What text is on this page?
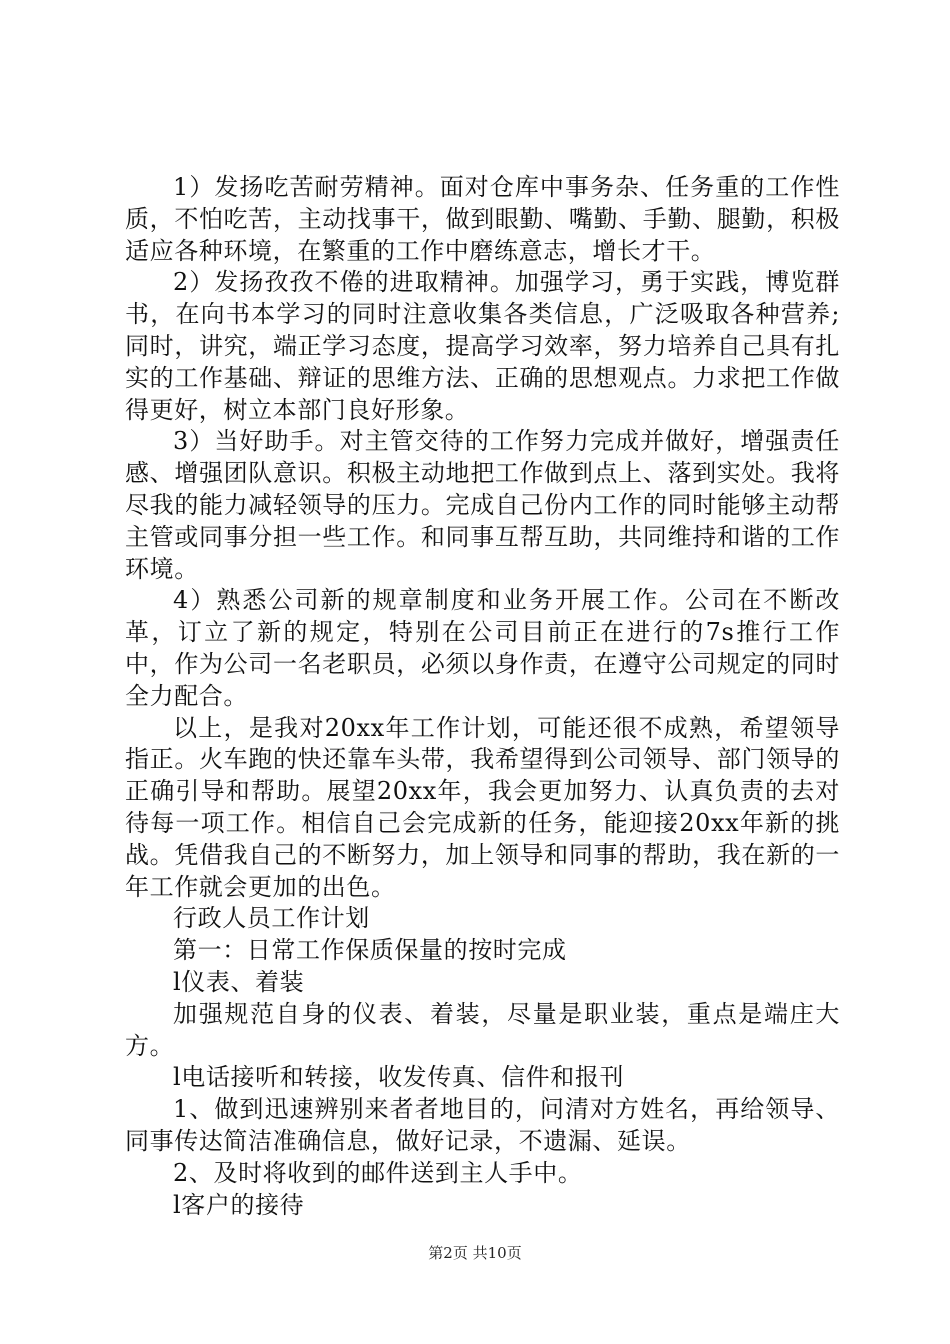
1）发扬吃苦耐劳精神。面对仓库中事务杂、任务重的工作性质，不怕吃苦，主动找事干，做到眼勤、嘴勤、手勤、腿勤，积极适应各种环境，在繁重的工作中磨练意志，增长才干。

2）发扬孜孜不倦的进取精神。加强学习，勇于实践，博览群书，在向书本学习的同时注意收集各类信息，广泛吸取各种营养;同时，讲究，端正学习态度，提高学习效率，努力培养自己具有扎实的工作基础、辩证的思维方法、正确的思想观点。力求把工作做得更好，树立本部门良好形象。

3）当好助手。对主管交待的工作努力完成并做好，增强责任感、增强团队意识。积极主动地把工作做到点上、落到实处。我将尽我的能力减轻领导的压力。完成自己份内工作的同时能够主动帮主管或同事分担一些工作。和同事互帮互助，共同维持和谐的工作环境。

4）熟悉公司新的规章制度和业务开展工作。公司在不断改革，订立了新的规定，特别在公司目前正在进行的7s推行工作中，作为公司一名老职员，必须以身作责，在遵守公司规定的同时全力配合。

以上，是我对20xx年工作计划，可能还很不成熟，希望领导指正。火车跑的快还靠车头带，我希望得到公司领导、部门领导的正确引导和帮助。展望20xx年，我会更加努力、认真负责的去对待每一项工作。相信自己会完成新的任务，能迎接20xx年新的挑战。凭借我自己的不断努力，加上领导和同事的帮助，我在新的一年工作就会更加的出色。

行政人员工作计划

第一：日常工作保质保量的按时完成

l仪表、着装

加强规范自身的仪表、着装，尽量是职业装，重点是端庄大方。

l电话接听和转接，收发传真、信件和报刊

1、做到迅速辨别来者者地目的，问清对方姓名，再给领导、同事传达简洁准确信息，做好记录，不遗漏、延误。

2、及时将收到的邮件送到主人手中。

l客户的接待

第2页 共10页
